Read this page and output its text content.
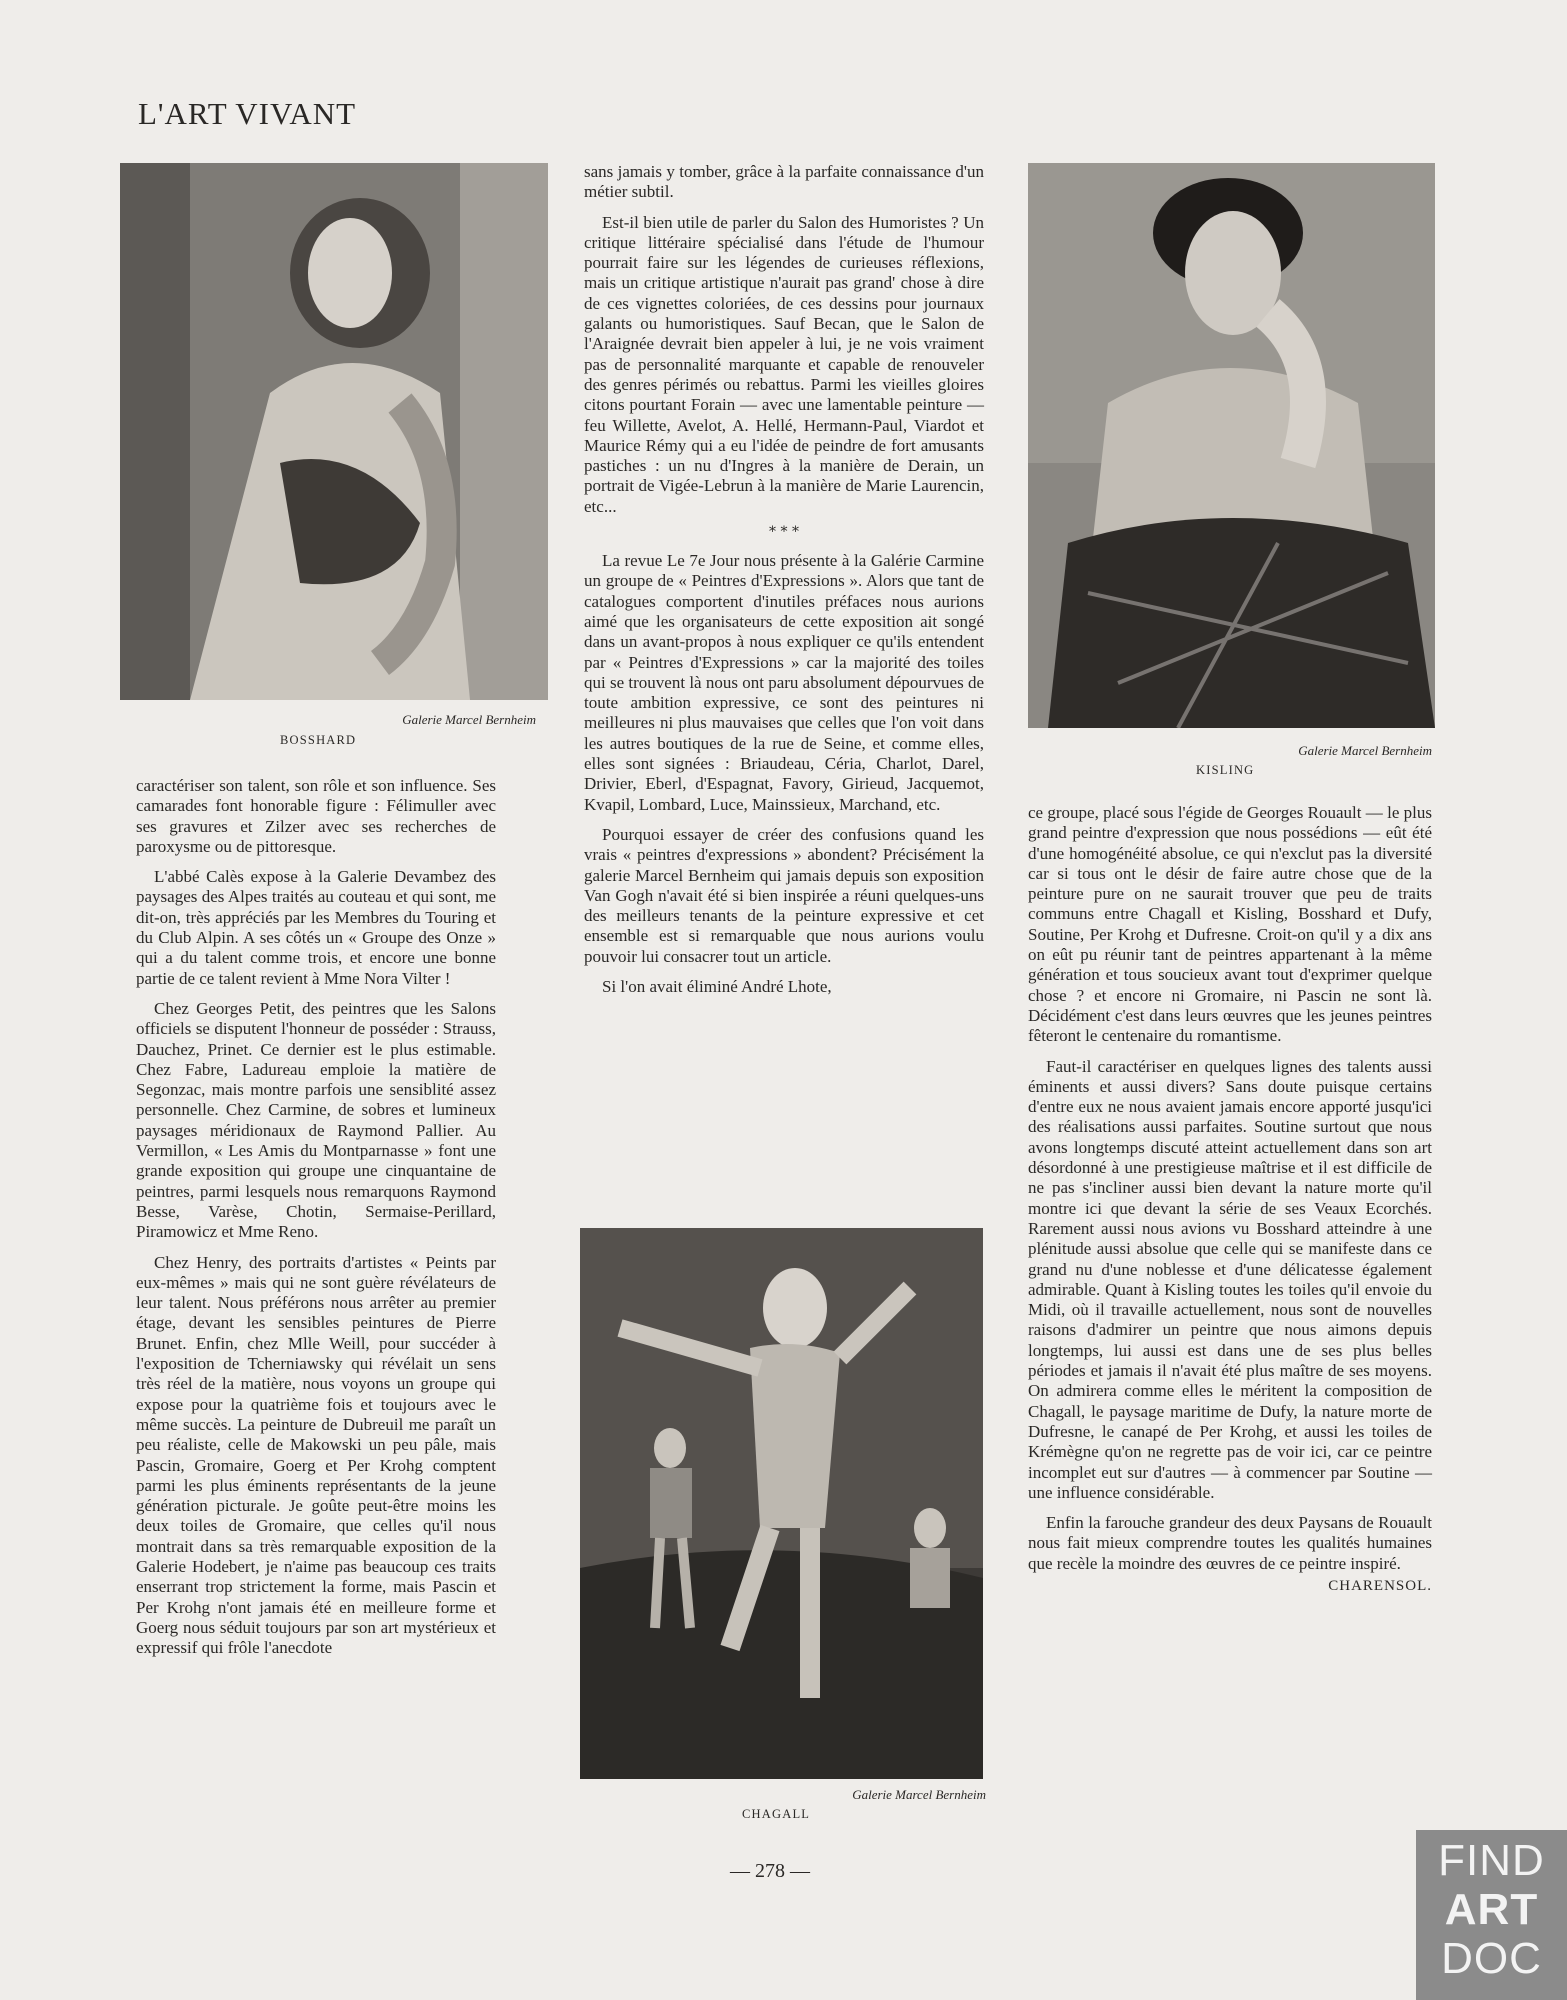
L'ART VIVANT
Galerie Marcel Bernheim
BOSSHARD
Galerie Marcel Bernheim
KISLING
Galerie Marcel Bernheim
CHAGALL

caractériser son talent, son rôle et son influence. Ses camarades font honorable figure : Félimuller avec ses gravures et Zilzer avec ses recherches de paroxysme ou de pittoresque.

L'abbé Calès expose à la Galerie Devambez des paysages des Alpes traités au couteau et qui sont, me dit-on, très appréciés par les Membres du Touring et du Club Alpin. A ses côtés un « Groupe des Onze » qui a du talent comme trois, et encore une bonne partie de ce talent revient à Mme Nora Vilter !

Chez Georges Petit, des peintres que les Salons officiels se disputent l'honneur de posséder : Strauss, Dauchez, Prinet. Ce dernier est le plus estimable. Chez Fabre, Ladureau emploie la matière de Segonzac, mais montre parfois une sensiblité assez personnelle. Chez Carmine, de sobres et lumineux paysages méridionaux de Raymond Pallier. Au Vermillon, « Les Amis du Montparnasse » font une grande exposition qui groupe une cinquantaine de peintres, parmi lesquels nous remarquons Raymond Besse, Varèse, Chotin, Sermaise-Perillard, Piramowicz et Mme Reno.

Chez Henry, des portraits d'artistes « Peints par eux-mêmes » mais qui ne sont guère révélateurs de leur talent. Nous préférons nous arrêter au premier étage, devant les sensibles peintures de Pierre Brunet. Enfin, chez Mlle Weill, pour succéder à l'exposition de Tcherniawsky qui révélait un sens très réel de la matière, nous voyons un groupe qui expose pour la quatrième fois et toujours avec le même succès. La peinture de Dubreuil me paraît un peu réaliste, celle de Makowski un peu pâle, mais Pascin, Gromaire, Goerg et Per Krohg comptent parmi les plus éminents représentants de la jeune génération picturale. Je goûte peut-être moins les deux toiles de Gromaire, que celles qu'il nous montrait dans sa très remarquable exposition de la Galerie Hodebert, je n'aime pas beaucoup ces traits enserrant trop strictement la forme, mais Pascin et Per Krohg n'ont jamais été en meilleure forme et Goerg nous séduit toujours par son art mystérieux et expressif qui frôle l'anecdote

sans jamais y tomber, grâce à la parfaite connaissance d'un métier subtil.

Est-il bien utile de parler du Salon des Humoristes ? Un critique littéraire spécialisé dans l'étude de l'humour pourrait faire sur les légendes de curieuses réflexions, mais un critique artistique n'aurait pas grand' chose à dire de ces vignettes coloriées, de ces dessins pour journaux galants ou humoristiques. Sauf Becan, que le Salon de l'Araignée devrait bien appeler à lui, je ne vois vraiment pas de personnalité marquante et capable de renouveler des genres périmés ou rebattus. Parmi les vieilles gloires citons pourtant Forain — avec une lamentable peinture — feu Willette, Avelot, A. Hellé, Hermann-Paul, Viardot et Maurice Rémy qui a eu l'idée de peindre de fort amusants pastiches : un nu d'Ingres à la manière de Derain, un portrait de Vigée-Lebrun à la manière de Marie Laurencin, etc...

* * *

La revue Le 7e Jour nous présente à la Galérie Carmine un groupe de « Peintres d'Expressions ». Alors que tant de catalogues comportent d'inutiles préfaces nous aurions aimé que les organisateurs de cette exposition ait songé dans un avant-propos à nous expliquer ce qu'ils entendent par « Peintres d'Expressions » car la majorité des toiles qui se trouvent là nous ont paru absolument dépourvues de toute ambition expressive, ce sont des peintures ni meilleures ni plus mauvaises que celles que l'on voit dans les autres boutiques de la rue de Seine, et comme elles, elles sont signées : Briaudeau, Céria, Charlot, Darel, Drivier, Eberl, d'Espagnat, Favory, Girieud, Jacquemot, Kvapil, Lombard, Luce, Mainssieux, Marchand, etc.

Pourquoi essayer de créer des confusions quand les vrais « peintres d'expressions » abondent? Précisément la galerie Marcel Bernheim qui jamais depuis son exposition Van Gogh n'avait été si bien inspirée a réuni quelques-uns des meilleurs tenants de la peinture expressive et cet ensemble est si remarquable que nous aurions voulu pouvoir lui consacrer tout un article.

Si l'on avait éliminé André Lhote,

ce groupe, placé sous l'égide de Georges Rouault — le plus grand peintre d'expression que nous possédions — eût été d'une homogénéité absolue, ce qui n'exclut pas la diversité car si tous ont le désir de faire autre chose que de la peinture pure on ne saurait trouver que peu de traits communs entre Chagall et Kisling, Bosshard et Dufy, Soutine, Per Krohg et Dufresne. Croit-on qu'il y a dix ans on eût pu réunir tant de peintres appartenant à la même génération et tous soucieux avant tout d'exprimer quelque chose ? et encore ni Gromaire, ni Pascin ne sont là. Décidément c'est dans leurs œuvres que les jeunes peintres fêteront le centenaire du romantisme.

Faut-il caractériser en quelques lignes des talents aussi éminents et aussi divers? Sans doute puisque certains d'entre eux ne nous avaient jamais encore apporté jusqu'ici des réalisations aussi parfaites. Soutine surtout que nous avons longtemps discuté atteint actuellement dans son art désordonné à une prestigieuse maîtrise et il est difficile de ne pas s'incliner aussi bien devant la nature morte qu'il montre ici que devant la série de ses Veaux Ecorchés. Rarement aussi nous avions vu Bosshard atteindre à une plénitude aussi absolue que celle qui se manifeste dans ce grand nu d'une noblesse et d'une délicatesse également admirable. Quant à Kisling toutes les toiles qu'il envoie du Midi, où il travaille actuellement, nous sont de nouvelles raisons d'admirer un peintre que nous aimons depuis longtemps, lui aussi est dans une de ses plus belles périodes et jamais il n'avait été plus maître de ses moyens. On admirera comme elles le méritent la composition de Chagall, le paysage maritime de Dufy, la nature morte de Dufresne, le canapé de Per Krohg, et aussi les toiles de Krémègne qu'on ne regrette pas de voir ici, car ce peintre incomplet eut sur d'autres — à commencer par Soutine — une influence considérable.

Enfin la farouche grandeur des deux Paysans de Rouault nous fait mieux comprendre toutes les qualités humaines que recèle la moindre des œuvres de ce peintre inspiré.

CHARENSOL.
— 278 —	FIND
ART
DOC
